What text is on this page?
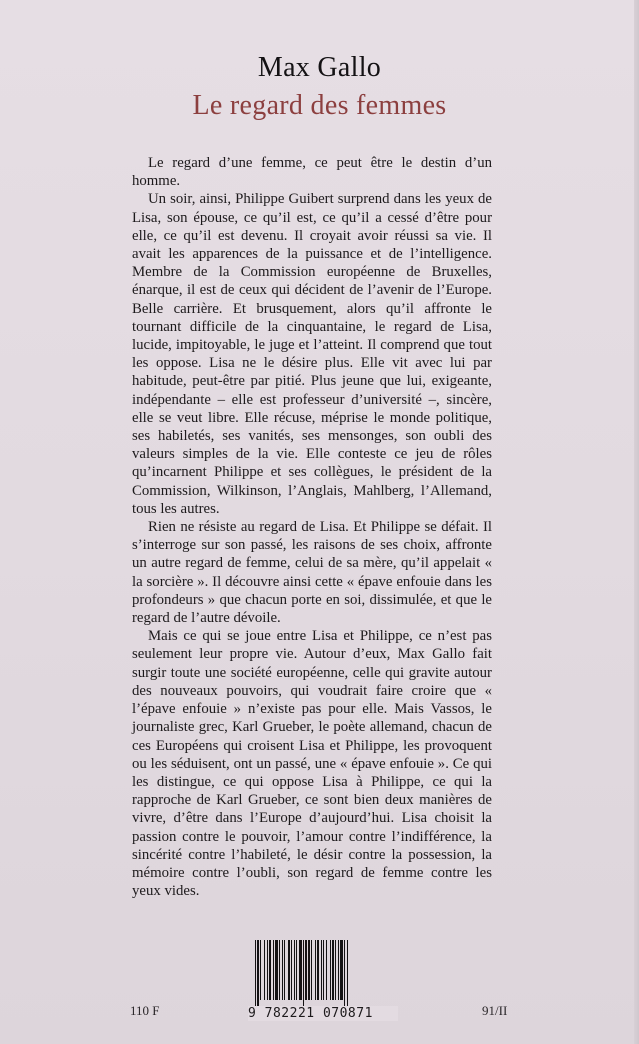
Max Gallo
Le regard des femmes

Le regard d’une femme, ce peut être le destin d’un homme.

Un soir, ainsi, Philippe Guibert surprend dans les yeux de Lisa, son épouse, ce qu’il est, ce qu’il a cessé d’être pour elle, ce qu’il est devenu. Il croyait avoir réussi sa vie. Il avait les apparences de la puissance et de l’intelligence. Membre de la Commission européenne de Bruxelles, énarque, il est de ceux qui décident de l’avenir de l’Europe. Belle carrière. Et brusquement, alors qu’il affronte le tournant difficile de la cinquantaine, le regard de Lisa, lucide, impitoyable, le juge et l’atteint. Il comprend que tout les oppose. Lisa ne le désire plus. Elle vit avec lui par habitude, peut-être par pitié. Plus jeune que lui, exigeante, indépendante – elle est professeur d’université –, sincère, elle se veut libre. Elle récuse, méprise le monde politique, ses habiletés, ses vanités, ses mensonges, son oubli des valeurs simples de la vie. Elle conteste ce jeu de rôles qu’incarnent Philippe et ses collègues, le président de la Commission, Wilkinson, l’Anglais, Mahlberg, l’Allemand, tous les autres.

Rien ne résiste au regard de Lisa. Et Philippe se défait. Il s’interroge sur son passé, les raisons de ses choix, affronte un autre regard de femme, celui de sa mère, qu’il appelait « la sorcière ». Il découvre ainsi cette « épave enfouie dans les profondeurs » que chacun porte en soi, dissimulée, et que le regard de l’autre dévoile.

Mais ce qui se joue entre Lisa et Philippe, ce n’est pas seulement leur propre vie. Autour d’eux, Max Gallo fait surgir toute une société européenne, celle qui gravite autour des nouveaux pouvoirs, qui voudrait faire croire que « l’épave enfouie » n’existe pas pour elle. Mais Vassos, le journaliste grec, Karl Grueber, le poète allemand, chacun de ces Européens qui croisent Lisa et Philippe, les provoquent ou les séduisent, ont un passé, une « épave enfouie ». Ce qui les distingue, ce qui oppose Lisa à Philippe, ce qui la rapproche de Karl Grueber, ce sont bien deux manières de vivre, d’être dans l’Europe d’aujourd’hui. Lisa choisit la passion contre le pouvoir, l’amour contre l’indifférence, la sincérité contre l’habileté, le désir contre la possession, la mémoire contre l’oubli, son regard de femme contre les yeux vides.

9 782221 070871
110 F	91/II
